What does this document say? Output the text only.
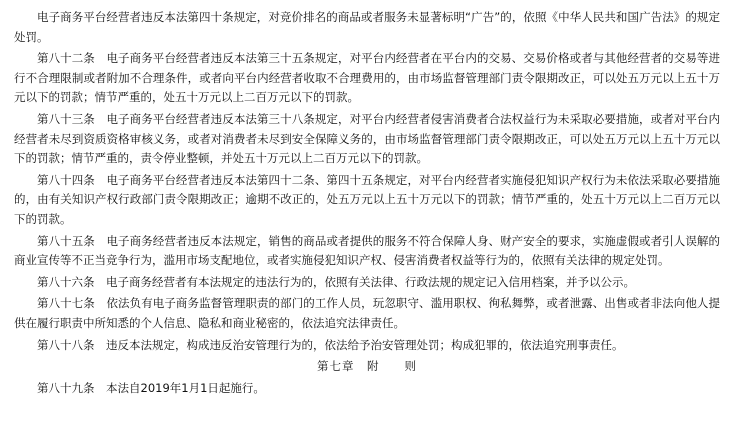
电子商务平台经营者违反本法第四十条规定，对竞价排名的商品或者服务未显著标明“广告”的，依照《中华人民共和国广告法》的规定处罚。

第八十二条　电子商务平台经营者违反本法第三十五条规定，对平台内经营者在平台内的交易、交易价格或者与其他经营者的交易等进行不合理限制或者附加不合理条件，或者向平台内经营者收取不合理费用的，由市场监督管理部门责令限期改正，可以处五万元以上五十万元以下的罚款；情节严重的，处五十万元以上二百万元以下的罚款。

第八十三条　电子商务平台经营者违反本法第三十八条规定，对平台内经营者侵害消费者合法权益行为未采取必要措施，或者对平台内经营者未尽到资质资格审核义务，或者对消费者未尽到安全保障义务的，由市场监督管理部门责令限期改正，可以处五万元以上五十万元以下的罚款；情节严重的，责令停业整顿，并处五十万元以上二百万元以下的罚款。

第八十四条　电子商务平台经营者违反本法第四十二条、第四十五条规定，对平台内经营者实施侵犯知识产权行为未依法采取必要措施的，由有关知识产权行政部门责令限期改正；逾期不改正的，处五万元以上五十万元以下的罚款；情节严重的，处五十万元以上二百万元以下的罚款。

第八十五条　电子商务经营者违反本法规定，销售的商品或者提供的服务不符合保障人身、财产安全的要求，实施虚假或者引人误解的商业宣传等不正当竞争行为，滥用市场支配地位，或者实施侵犯知识产权、侵害消费者权益等行为的，依照有关法律的规定处罚。

第八十六条　电子商务经营者有本法规定的违法行为的，依照有关法律、行政法规的规定记入信用档案，并予以公示。

第八十七条　依法负有电子商务监督管理职责的部门的工作人员，玩忽职守、滥用职权、徇私舞弊，或者泄露、出售或者非法向他人提供在履行职责中所知悉的个人信息、隐私和商业秘密的，依法追究法律责任。

第八十八条　违反本法规定，构成违反治安管理行为的，依法给予治安管理处罚；构成犯罪的，依法追究刑事责任。

第七章　附　　则

第八十九条　本法自2019年1月1日起施行。
